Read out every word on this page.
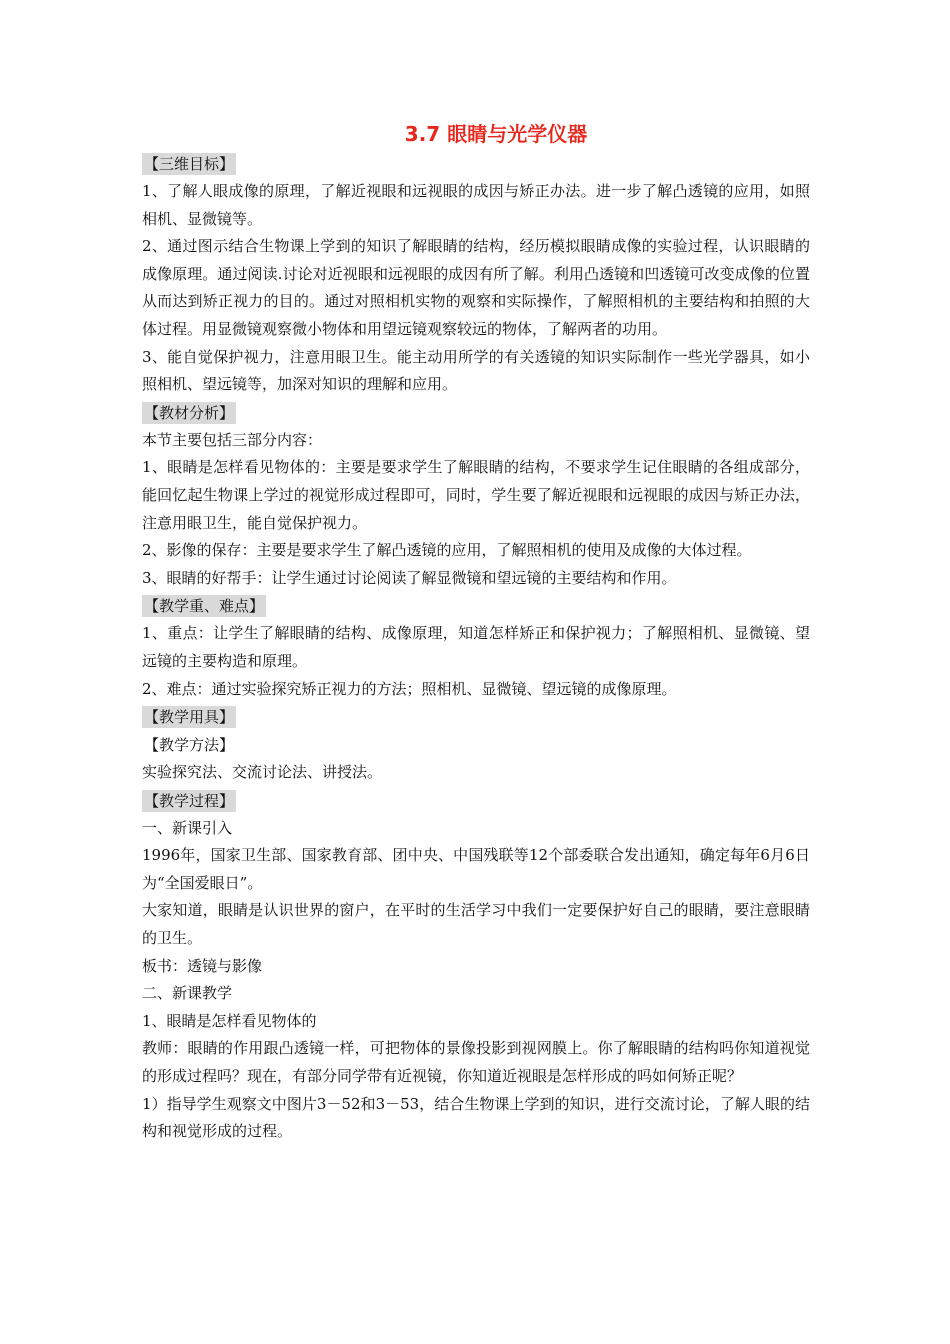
3.7 眼睛与光学仪器
【三维目标】

1、了解人眼成像的原理，了解近视眼和远视眼的成因与矫正办法。进一步了解凸透镜的应用，如照相机、显微镜等。

2、通过图示结合生物课上学到的知识了解眼睛的结构，经历模拟眼睛成像的实验过程，认识眼睛的成像原理。通过阅读.讨论对近视眼和远视眼的成因有所了解。利用凸透镜和凹透镜可改变成像的位置从而达到矫正视力的目的。通过对照相机实物的观察和实际操作，了解照相机的主要结构和拍照的大体过程。用显微镜观察微小物体和用望远镜观察较远的物体，了解两者的功用。

3、能自觉保护视力，注意用眼卫生。能主动用所学的有关透镜的知识实际制作一些光学器具，如小照相机、望远镜等，加深对知识的理解和应用。

【教材分析】

本节主要包括三部分内容：

1、眼睛是怎样看见物体的：主要是要求学生了解眼睛的结构，不要求学生记住眼睛的各组成部分，能回忆起生物课上学过的视觉形成过程即可，同时，学生要了解近视眼和远视眼的成因与矫正办法，注意用眼卫生，能自觉保护视力。

2、影像的保存：主要是要求学生了解凸透镜的应用，了解照相机的使用及成像的大体过程。

3、眼睛的好帮手：让学生通过讨论阅读了解显微镜和望远镜的主要结构和作用。

【教学重、难点】

1、重点：让学生了解眼睛的结构、成像原理，知道怎样矫正和保护视力；了解照相机、显微镜、望远镜的主要构造和原理。

2、难点：通过实验探究矫正视力的方法；照相机、显微镜、望远镜的成像原理。

【教学用具】
【教学方法】

实验探究法、交流讨论法、讲授法。

【教学过程】

一、新课引入

1996年，国家卫生部、国家教育部、团中央、中国残联等12个部委联合发出通知，确定每年6月6日为“全国爱眼日”。

大家知道，眼睛是认识世界的窗户，在平时的生活学习中我们一定要保护好自己的眼睛，要注意眼睛的卫生。

板书：透镜与影像

二、新课教学

1、眼睛是怎样看见物体的

教师：眼睛的作用跟凸透镜一样，可把物体的景像投影到视网膜上。你了解眼睛的结构吗你知道视觉的形成过程吗？现在，有部分同学带有近视镜，你知道近视眼是怎样形成的吗如何矫正呢？

1）指导学生观察文中图片3－52和3－53，结合生物课上学到的知识，进行交流讨论，了解人眼的结构和视觉形成的过程。
